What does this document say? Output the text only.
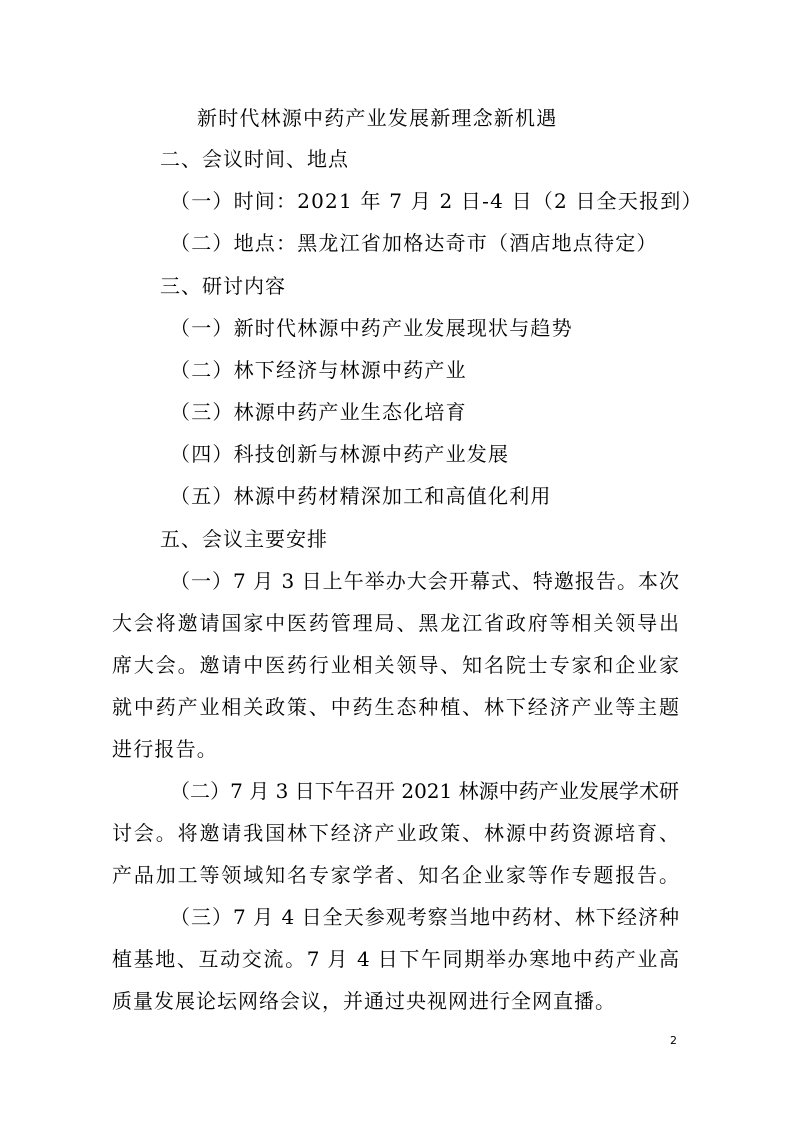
新时代林源中药产业发展新理念新机遇
二、会议时间、地点
（一）时间：2021 年 7 月 2 日-4 日（2 日全天报到）
（二）地点：黑龙江省加格达奇市（酒店地点待定）
三、研讨内容
（一）新时代林源中药产业发展现状与趋势
（二）林下经济与林源中药产业
（三）林源中药产业生态化培育
（四）科技创新与林源中药产业发展
（五）林源中药材精深加工和高值化利用
五、会议主要安排
（一）7 月 3 日上午举办大会开幕式、特邀报告。本次
大会将邀请国家中医药管理局、黑龙江省政府等相关领导出
席大会。邀请中医药行业相关领导、知名院士专家和企业家
就中药产业相关政策、中药生态种植、林下经济产业等主题
进行报告。
（二）7 月 3 日下午召开 2021 林源中药产业发展学术研
讨会。将邀请我国林下经济产业政策、林源中药资源培育、
产品加工等领域知名专家学者、知名企业家等作专题报告。
（三）7 月 4 日全天参观考察当地中药材、林下经济种
植基地、互动交流。7 月 4 日下午同期举办寒地中药产业高
质量发展论坛网络会议，并通过央视网进行全网直播。
2
